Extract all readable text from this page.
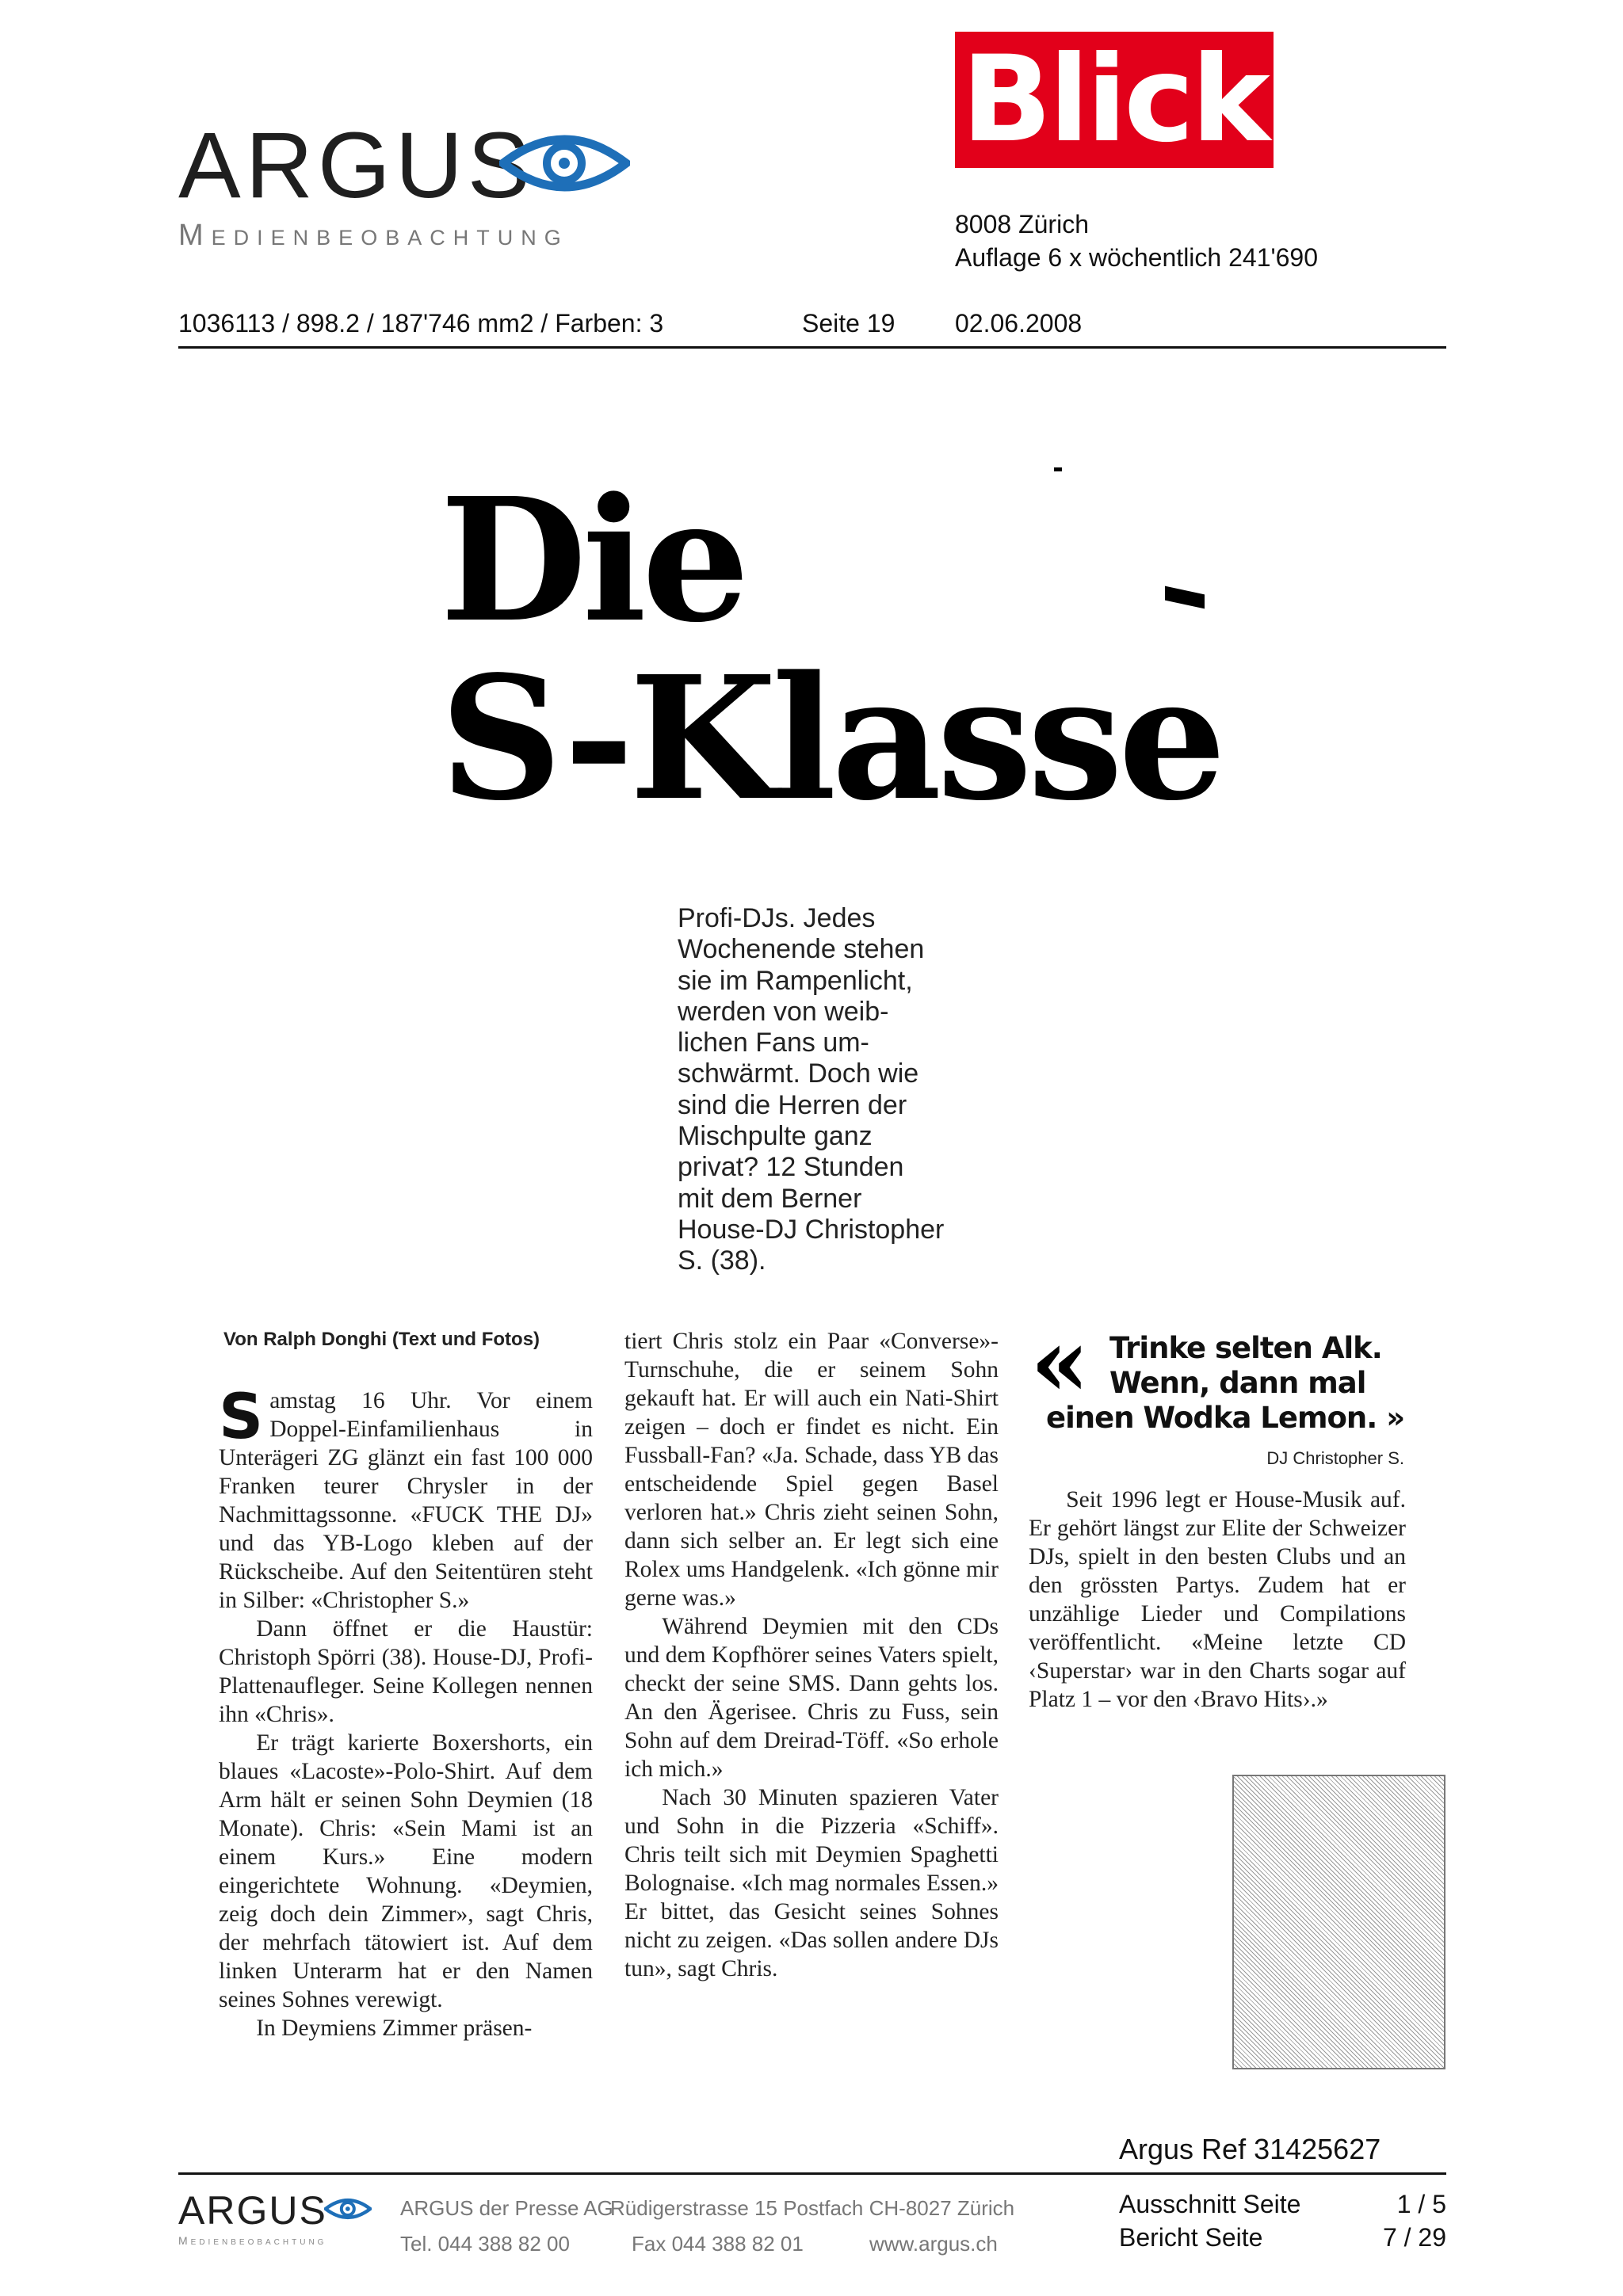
ARGUS
Medienbeobachtung
Blick
8008 Zürich
Auflage 6 x wöchentlich 241'690
1036113 / 898.2 / 187'746 mm2 / Farben: 3	Seite 19 02.06.2008
Die
S-Klasse
Profi-DJs. Jedes
Wochenende stehen
sie im Rampenlicht,
werden von weib-
lichen Fans um-
schwärmt. Doch wie
sind die Herren der
Mischpulte ganz
privat? 12 Stunden
mit dem Berner
House-DJ Christopher
S. (38).
Von Ralph Donghi (Text und Fotos)

Samstag 16 Uhr. Vor einem Doppel-Einfamilienhaus in Unterägeri ZG glänzt ein fast 100 000 Franken teurer Chrysler in der Nachmittagssonne. «FUCK THE DJ» und das YB-Logo kleben auf der Rückscheibe. Auf den Seitentüren steht in Silber: «Christopher S.»

Dann öffnet er die Haustür: Christoph Spörri (38). House-DJ, Profi-Plattenaufleger. Seine Kollegen nennen ihn «Chris».

Er trägt karierte Boxershorts, ein blaues «Lacoste»-Polo-Shirt. Auf dem Arm hält er seinen Sohn Deymien (18 Monate). Chris: «Sein Mami ist an einem Kurs.» Eine modern eingerichtete Wohnung. «Deymien, zeig doch dein Zimmer», sagt Chris, der mehrfach tätowiert ist. Auf dem linken Unterarm hat er den Namen seines Sohnes verewigt.

In Deymiens Zimmer präsen-

tiert Chris stolz ein Paar «Converse»-Turnschuhe, die er seinem Sohn gekauft hat. Er will auch ein Nati-Shirt zeigen – doch er findet es nicht. Ein Fussball-Fan? «Ja. Schade, dass YB das entscheidende Spiel gegen Basel verloren hat.» Chris zieht seinen Sohn, dann sich selber an. Er legt sich eine Rolex ums Handgelenk. «Ich gönne mir gerne was.»

Während Deymien mit den CDs und dem Kopfhörer seines Vaters spielt, checkt der seine SMS. Dann gehts los. An den Ägerisee. Chris zu Fuss, sein Sohn auf dem Dreirad-Töff. «So erhole ich mich.»

Nach 30 Minuten spazieren Vater und Sohn in die Pizzeria «Schiff». Chris teilt sich mit Deymien Spaghetti Bolognaise. «Ich mag normales Essen.» Er bittet, das Gesicht seines Sohnes nicht zu zeigen. «Das sollen andere DJs tun», sagt Chris.

« Trinke selten Alk.
Wenn, dann mal
einen Wodka Lemon. »
DJ Christopher S.

Seit 1996 legt er House-Musik auf. Er gehört längst zur Elite der Schweizer DJs, spielt in den besten Clubs und an den grössten Partys. Zudem hat er unzählige Lieder und Compilations veröffentlicht. «Meine letzte CD ‹Superstar› war in den Charts sogar auf Platz 1 – vor den ‹Bravo Hits›.»

Argus Ref 31425627
ARGUS
Medienbeobachtung
ARGUS der Presse AG
Rüdigerstrasse 15 Postfach CH-8027 Zürich
Tel. 044 388 82 00	Fax 044 388 82 01	www.argus.ch
Ausschnitt Seite	1 / 5
Bericht Seite	7 / 29
